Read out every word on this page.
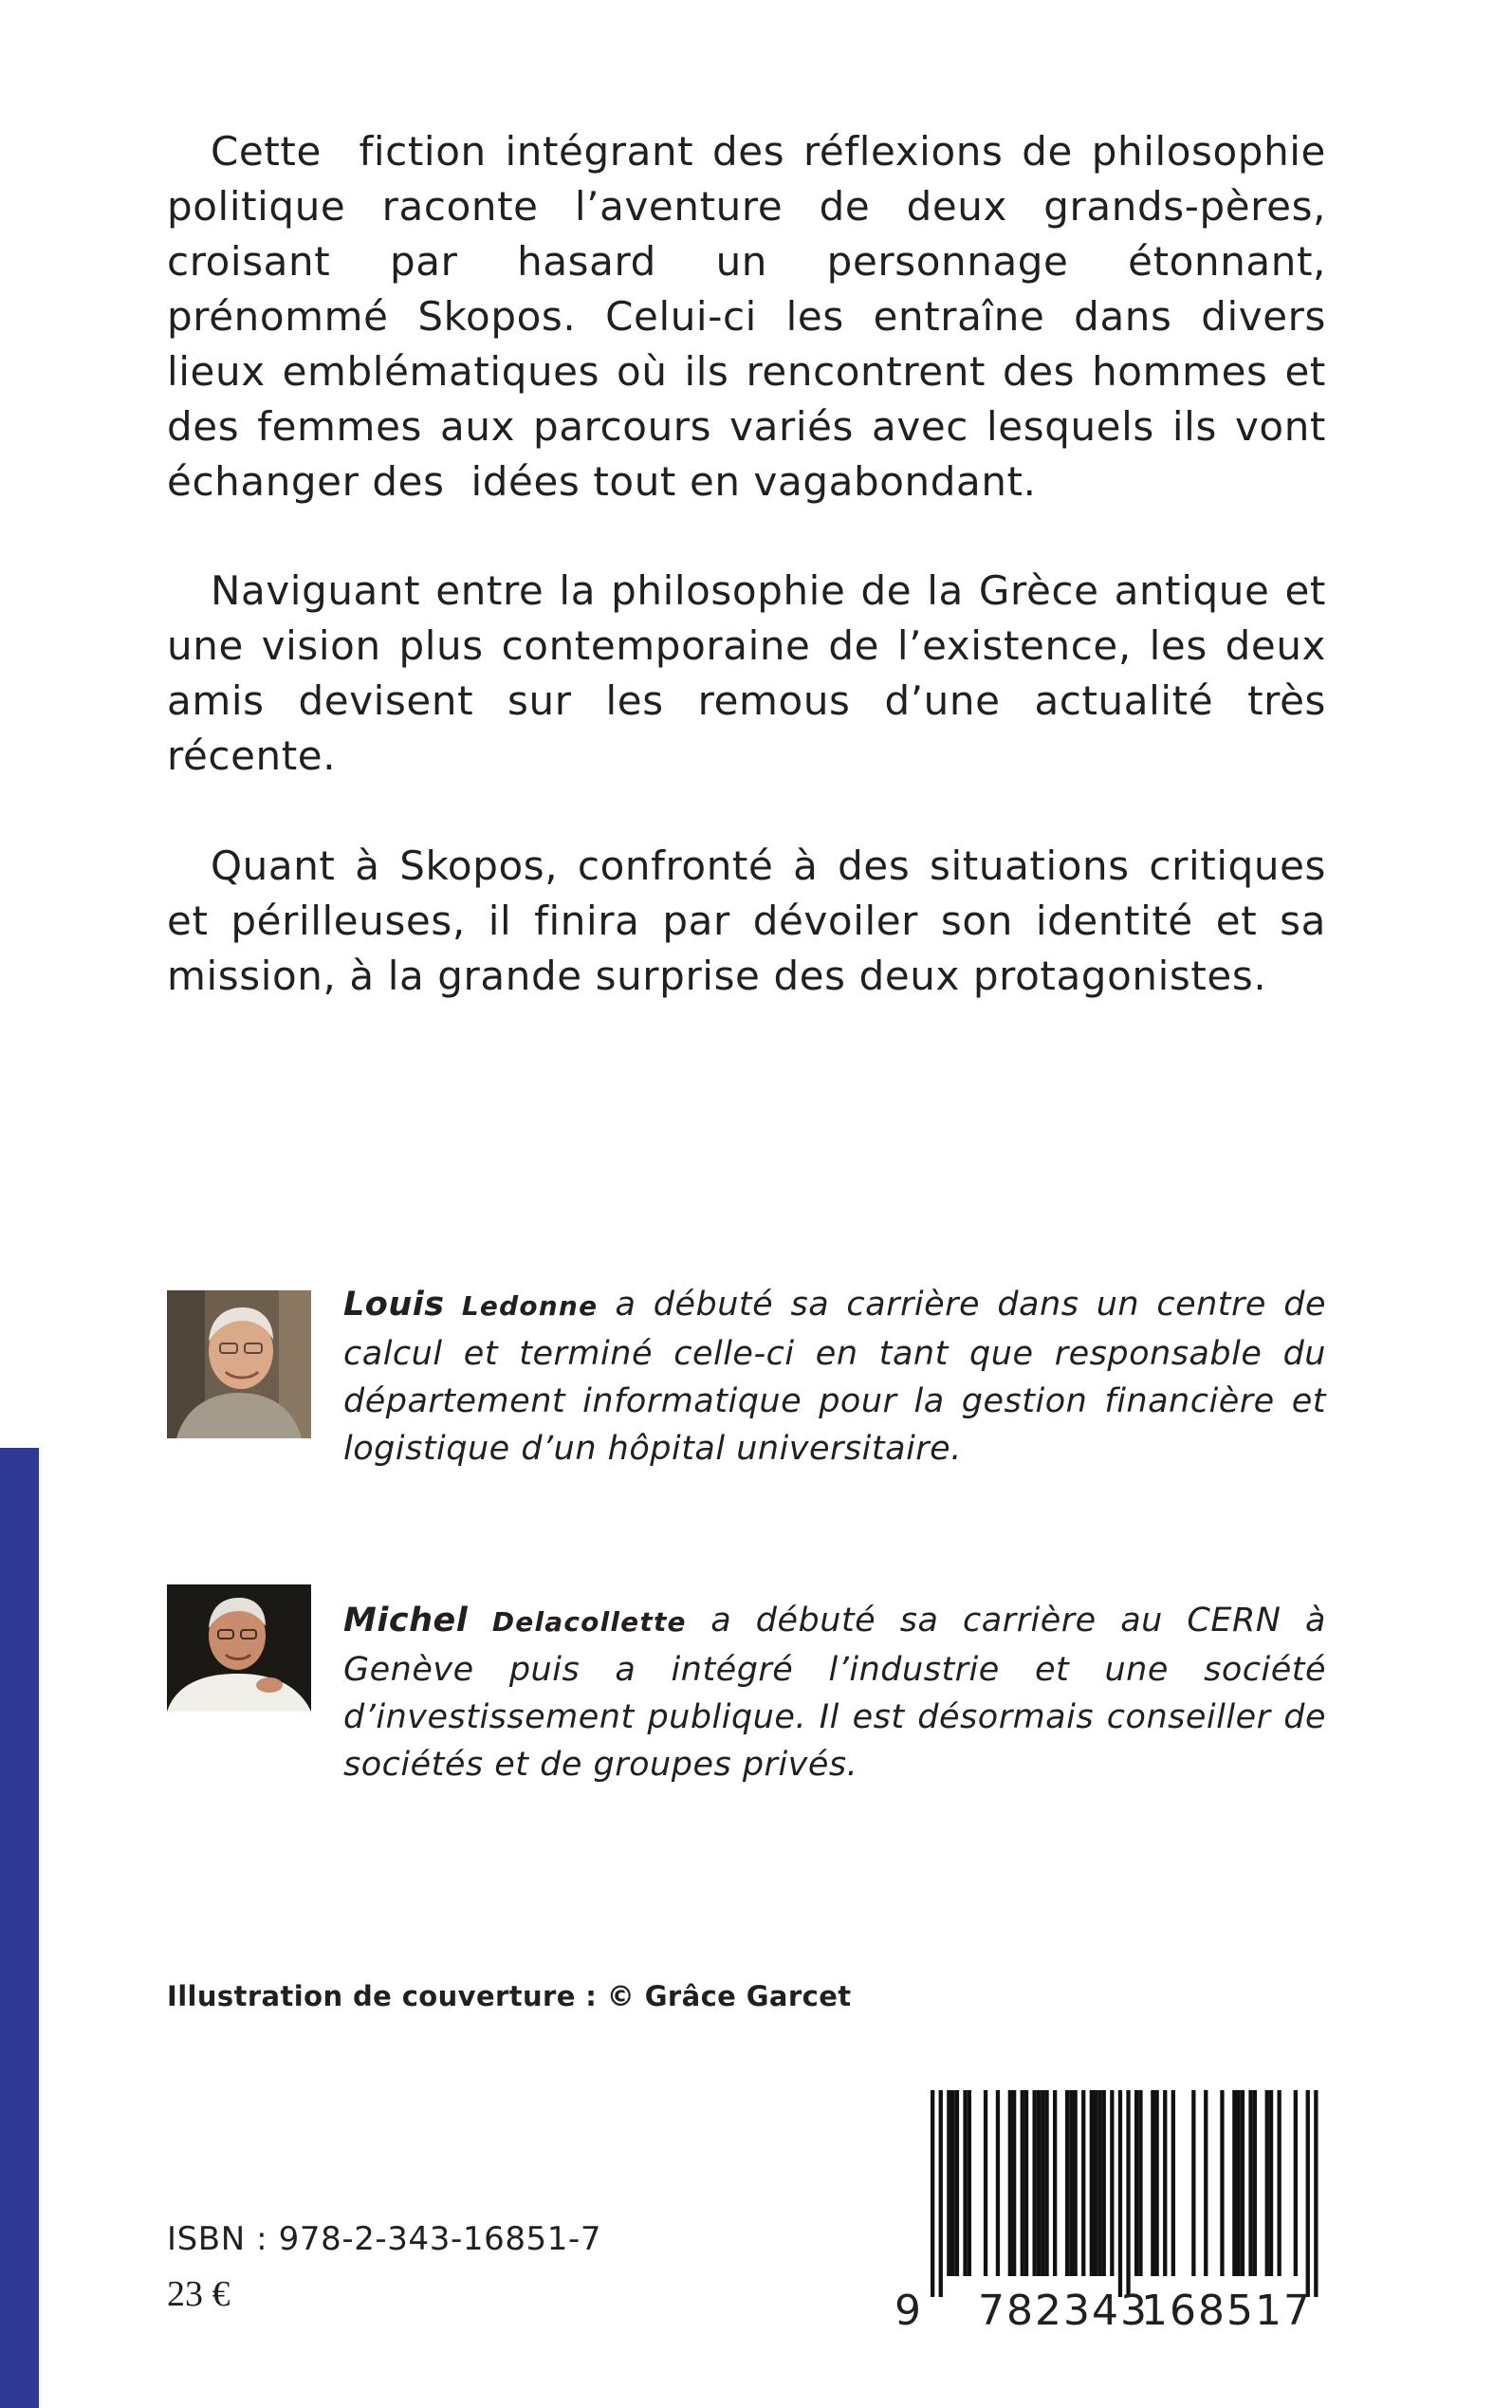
Cette  fiction intégrant des réflexions de philosophie politique raconte l’aventure de deux grands-pères, croisant par hasard un personnage étonnant, prénommé Skopos. Celui-ci les entraîne dans divers lieux emblématiques où ils rencontrent des hommes et des femmes aux parcours variés avec lesquels ils vont échanger des  idées tout en vagabondant.

Naviguant entre la philosophie de la Grèce antique et une vision plus contemporaine de l’existence, les deux amis devisent sur les remous d’une actualité très récente.

Quant à Skopos, confronté à des situations critiques et périlleuses, il finira par dévoiler son identité et sa mission, à la grande surprise des deux protagonistes.

Louis Ledonne a débuté sa carrière dans un centre de calcul et terminé celle-ci en tant que responsable du département informatique pour la gestion financière et logistique d’un hôpital universitaire.

Michel Delacollette a débuté sa carrière au CERN à Genève puis a intégré l’industrie et une société d’investissement publique. Il est désormais conseiller de sociétés et de groupes privés.

Illustration de couverture : © Grâce Garcet
ISBN : 978-2-343-16851-7
23 €	9 782343
168517
